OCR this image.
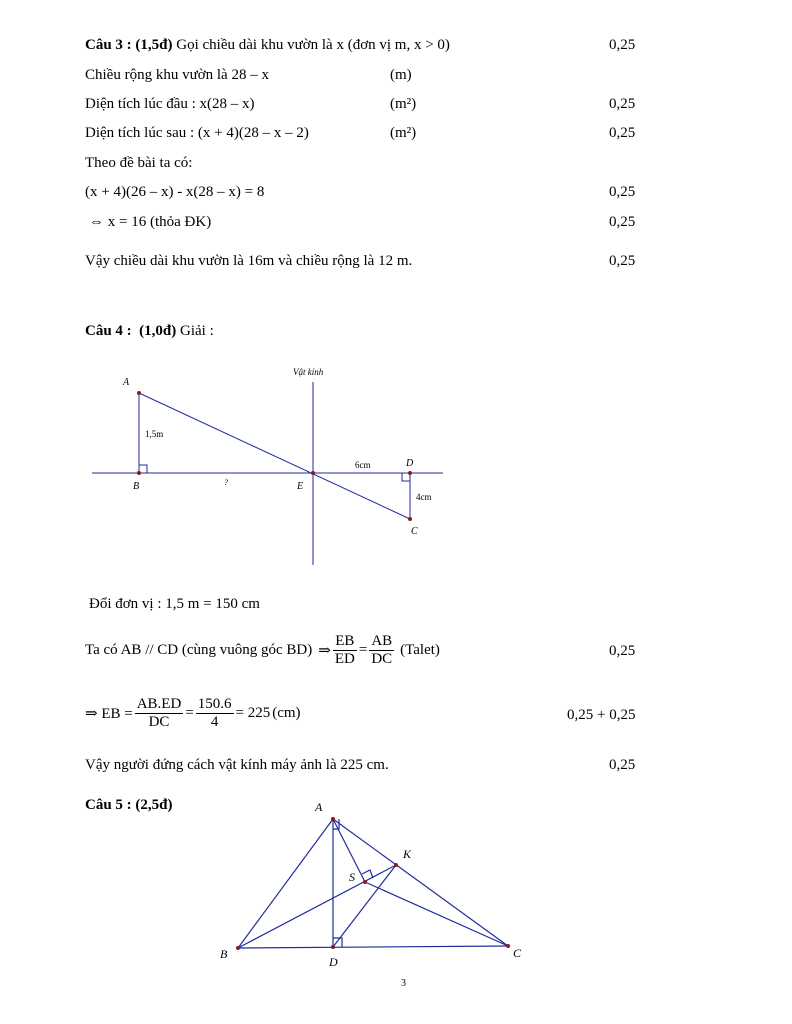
Câu 3 : (1,5đ) Gọi chiều dài khu vườn là x (đơn vị m, x > 0)	0,25
Chiều rộng khu vườn là 28 – x	(m)
Diện tích lúc đầu : x(28 – x)	(m²)	0,25
Diện tích lúc sau : (x + 4)(28 – x – 2)	(m²)	0,25
Theo đề bài ta có:
(x + 4)(26 – x) - x(28 – x) = 8	0,25
⇔ x = 16 (thỏa ĐK)	0,25
Vậy chiều dài khu vườn là 16m và chiều rộng là 12 m.	0,25
Câu 4 : (1,0đ) Giải :
Vật kính
A
B	E
D
C
?
1,5m
6cm
4cm
Đổi đơn vị : 1,5 m = 150 cm
Ta có AB // CD (cùng vuông góc BD) ⇒ $\frac{EB}{ED} = \frac{AB}{DC}$ (Talet)	0,25
⇒ EB = $\frac{AB.ED}{DC} = \frac{150.6}{4} = 225$ (cm)	0,25 + 0,25
Vậy người đứng cách vật kính máy ảnh là 225 cm.	0,25
Câu 5 : (2,5đ)	A
B	C
D
K
S
3
